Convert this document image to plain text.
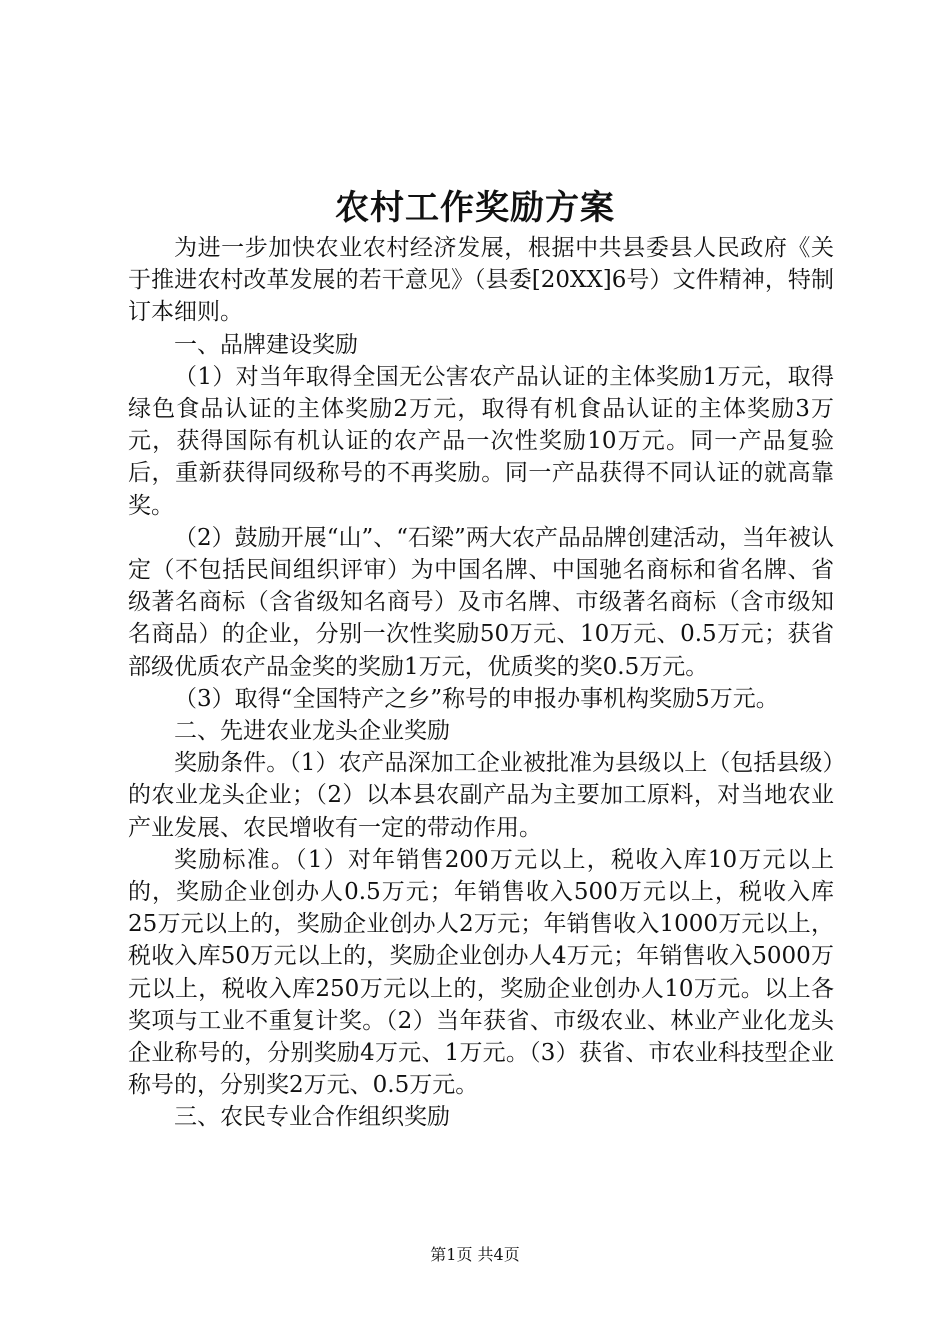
农村工作奖励方案

为进一步加快农业农村经济发展，根据中共县委县人民政府《关于推进农村改革发展的若干意见》（县委[20XX]6号）文件精神，特制订本细则。

一、品牌建设奖励

（1）对当年取得全国无公害农产品认证的主体奖励1万元，取得绿色食品认证的主体奖励2万元，取得有机食品认证的主体奖励3万元，获得国际有机认证的农产品一次性奖励10万元。同一产品复验后，重新获得同级称号的不再奖励。同一产品获得不同认证的就高靠奖。

（2）鼓励开展“山”、“石梁”两大农产品品牌创建活动，当年被认定（不包括民间组织评审）为中国名牌、中国驰名商标和省名牌、省级著名商标（含省级知名商号）及市名牌、市级著名商标（含市级知名商品）的企业，分别一次性奖励50万元、10万元、0.5万元；获省部级优质农产品金奖的奖励1万元，优质奖的奖0.5万元。

（3）取得“全国特产之乡”称号的申报办事机构奖励5万元。

二、先进农业龙头企业奖励

奖励条件。（1）农产品深加工企业被批准为县级以上（包括县级）的农业龙头企业；（2）以本县农副产品为主要加工原料，对当地农业产业发展、农民增收有一定的带动作用。

奖励标准。（1）对年销售200万元以上，税收入库10万元以上的，奖励企业创办人0.5万元；年销售收入500万元以上，税收入库25万元以上的，奖励企业创办人2万元；年销售收入1000万元以上，税收入库50万元以上的，奖励企业创办人4万元；年销售收入5000万元以上，税收入库250万元以上的，奖励企业创办人10万元。以上各奖项与工业不重复计奖。（2）当年获省、市级农业、林业产业化龙头企业称号的，分别奖励4万元、1万元。（3）获省、市农业科技型企业称号的，分别奖2万元、0.5万元。

三、农民专业合作组织奖励

第1页 共4页
